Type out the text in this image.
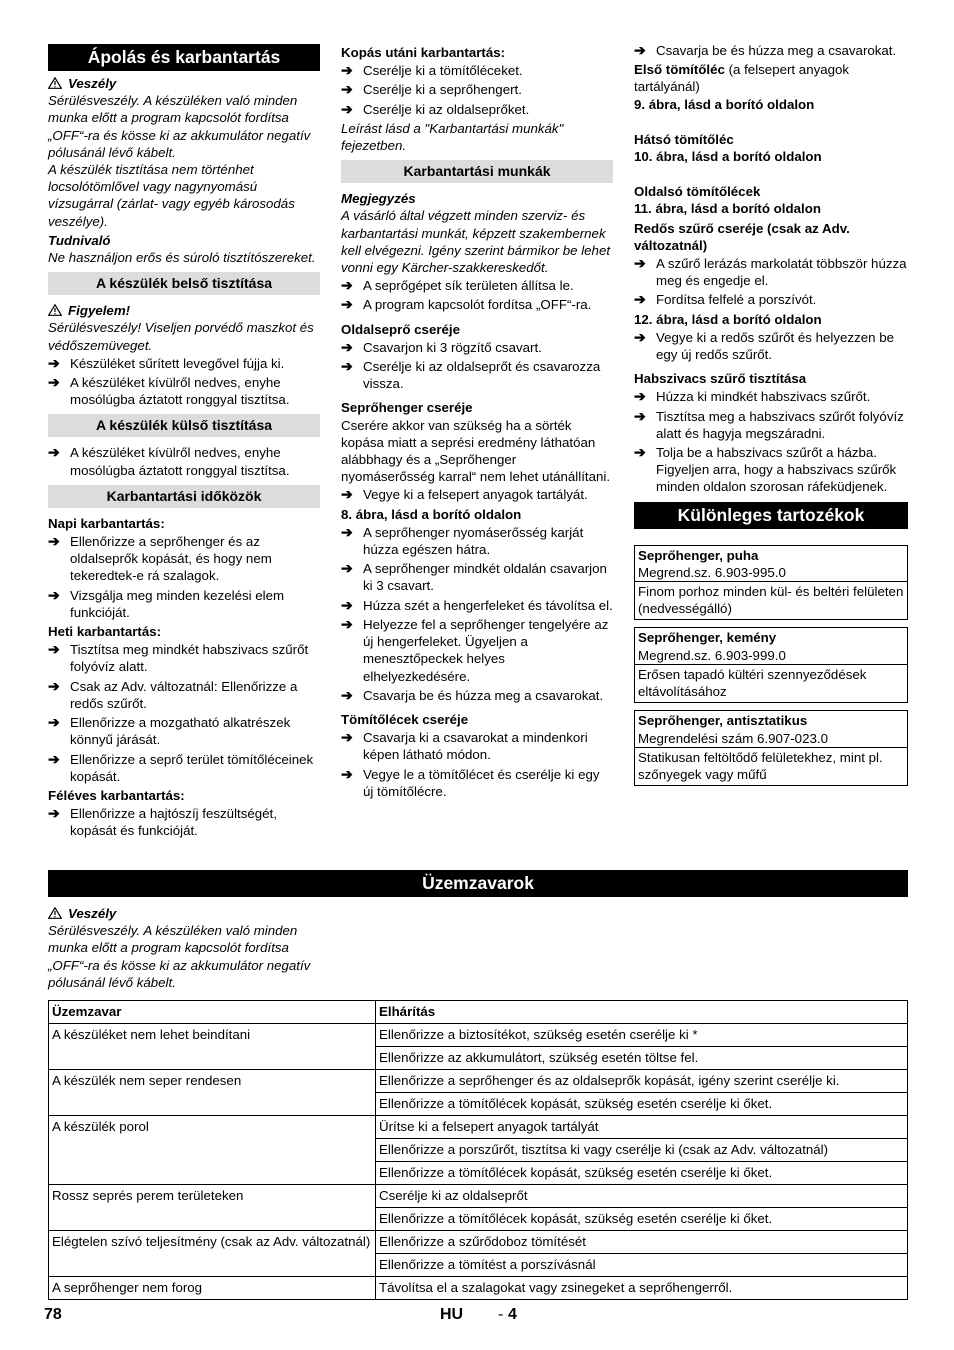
Ápolás és karbantartás
Veszély
Sérülésveszély. A készüléken való minden munka előtt a program kapcsolót fordítsa „OFF“-ra és kösse ki az akkumulátor negatív pólusánál lévő kábelt.
A készülék tisztítása nem történhet locsolótömlővel vagy nagynyomású vízsugárral (zárlat- vagy egyéb károsodás veszélye).
Tudnivaló
Ne használjon erős és súroló tisztítószereket.
A készülék belső tisztítása
Figyelem!
Sérülésveszély! Viseljen porvédő maszkot és védőszemüveget.
➔ Készüléket sűrített levegővel fújja ki.
➔ A készüléket kívülről nedves, enyhe mosólúgba áztatott ronggyal tisztítsa.
A készülék külső tisztítása
➔ A készüléket kívülről nedves, enyhe mosólúgba áztatott ronggyal tisztítsa.
Karbantartási időközök
Napi karbantartás:
➔ Ellenőrizze a seprőhenger és az oldalseprők kopását, és hogy nem tekeredtek-e rá szalagok.
➔ Vizsgálja meg minden kezelési elem funkcióját.
Heti karbantartás:
➔ Tisztítsa meg mindkét habszivacs szűrőt folyóvíz alatt.
➔ Csak az Adv. változatnál: Ellenőrizze a redős szűrőt.
➔ Ellenőrizze a mozgatható alkatrészek könnyű járását.
➔ Ellenőrizze a seprő terület tömítőléceinek kopását.
Féléves karbantartás:
➔ Ellenőrizze a hajtószíj feszültségét, kopását és funkcióját.
Kopás utáni karbantartás:
➔ Cserélje ki a tömítőléceket.
➔ Cserélje ki a seprőhengert.
➔ Cserélje ki az oldalseprőket.
Leírást lásd a "Karbantartási munkák" fejezetben.
Karbantartási munkák
Megjegyzés
A vásárló által végzett minden szerviz- és karbantartási munkát, képzett szakembernek kell elvégezni. Igény szerint bármikor be lehet vonni egy Kärcher-szakkereskedőt.
➔ A seprőgépet sík területen állítsa le.
➔ A program kapcsolót fordítsa „OFF“-ra.
Oldalseprő cseréje
➔ Csavarjon ki 3 rögzítő csavart.
➔ Cserélje ki az oldalseprőt és csavarozza vissza.
Seprőhenger cseréje
Cserére akkor van szükség ha a sörték kopása miatt a seprési eredmény láthatóan alábbhagy és a „Seprőhenger nyomáserősség karral“ nem lehet utánállítani.
➔ Vegye ki a felsepert anyagok tartályát.
8. ábra, lásd a borító oldalon
➔ A seprőhenger nyomáserősség karját húzza egészen hátra.
➔ A seprőhenger mindkét oldalán csavarjon ki 3 csavart.
➔ Húzza szét a hengerfeleket és távolítsa el.
➔ Helyezze fel a seprőhenger tengelyére az új hengerfeleket. Ügyeljen a menesztőpeckek helyes elhelyezkedésére.
➔ Csavarja be és húzza meg a csavarokat.
Tömítőlécek cseréje
➔ Csavarja ki a csavarokat a mindenkori képen látható módon.
➔ Vegye le a tömítőlécet és cserélje ki egy új tömítőlécre.
➔ Csavarja be és húzza meg a csavarokat.
Első tömítőléc (a felsepert anyagok tartályánál)
9. ábra, lásd a borító oldalon
Hátsó tömítőléc
10. ábra, lásd a borító oldalon
Oldalsó tömítőlécek
11. ábra, lásd a borító oldalon
Redős szűrő cseréje (csak az Adv. változatnál)
➔ A szűrő lerázás markolatát többször húzza meg és engedje el.
➔ Fordítsa felfelé a porszívót.
12. ábra, lásd a borító oldalon
➔ Vegye ki a redős szűrőt és helyezzen be egy új redős szűrőt.
Habszivacs szűrő tisztítása
➔ Húzza ki mindkét habszivacs szűrőt.
➔ Tisztítsa meg a habszivacs szűrőt folyóvíz alatt és hagyja megszáradni.
➔ Tolja be a habszivacs szűrőt a házba. Figyeljen arra, hogy a habszivacs szűrők minden oldalon szorosan ráfeküdjenek.
Különleges tartozékok
Seprőhenger, puha
Megrend.sz. 6.903-995.0
Finom porhoz minden kül- és beltéri felületen (nedvességálló)
Seprőhenger, kemény
Megrend.sz. 6.903-999.0
Erősen tapadó kültéri szennyeződések eltávolításához
Seprőhenger, antisztatikus
Megrendelési szám 6.907-023.0
Statikusan feltöltődő felületekhez, mint pl. szőnyegek vagy műfű
Üzemzavarok
Veszély
Sérülésveszély. A készüléken való minden munka előtt a program kapcsolót fordítsa „OFF“-ra és kösse ki az akkumulátor negatív pólusánál lévő kábelt.
Üzemzavar	Elhárítás
A készüléket nem lehet beindítani	Ellenőrizze a biztosítékot, szükség esetén cserélje ki *
	Ellenőrizze az akkumulátort, szükség esetén töltse fel.
A készülék nem seper rendesen	Ellenőrizze a seprőhenger és az oldalseprők kopását, igény szerint cserélje ki.
	Ellenőrizze a tömítőlécek kopását, szükség esetén cserélje ki őket.
A készülék porol	Ürítse ki a felsepert anyagok tartályát
	Ellenőrizze a porszűrőt, tisztítsa ki vagy cserélje ki (csak az Adv. változatnál)
	Ellenőrizze a tömítőlécek kopását, szükség esetén cserélje ki őket.
Rossz seprés perem területeken	Cserélje ki az oldalseprőt
	Ellenőrizze a tömítőlécek kopását, szükség esetén cserélje ki őket.
Elégtelen szívó teljesítmény (csak az Adv. változatnál)	Ellenőrizze a szűrődoboz tömítését
	Ellenőrizze a tömítést a porszívásnál
A seprőhenger nem forog	Távolítsa el a szalagokat vagy zsinegeket a seprőhengerről.
78	HU - 4
